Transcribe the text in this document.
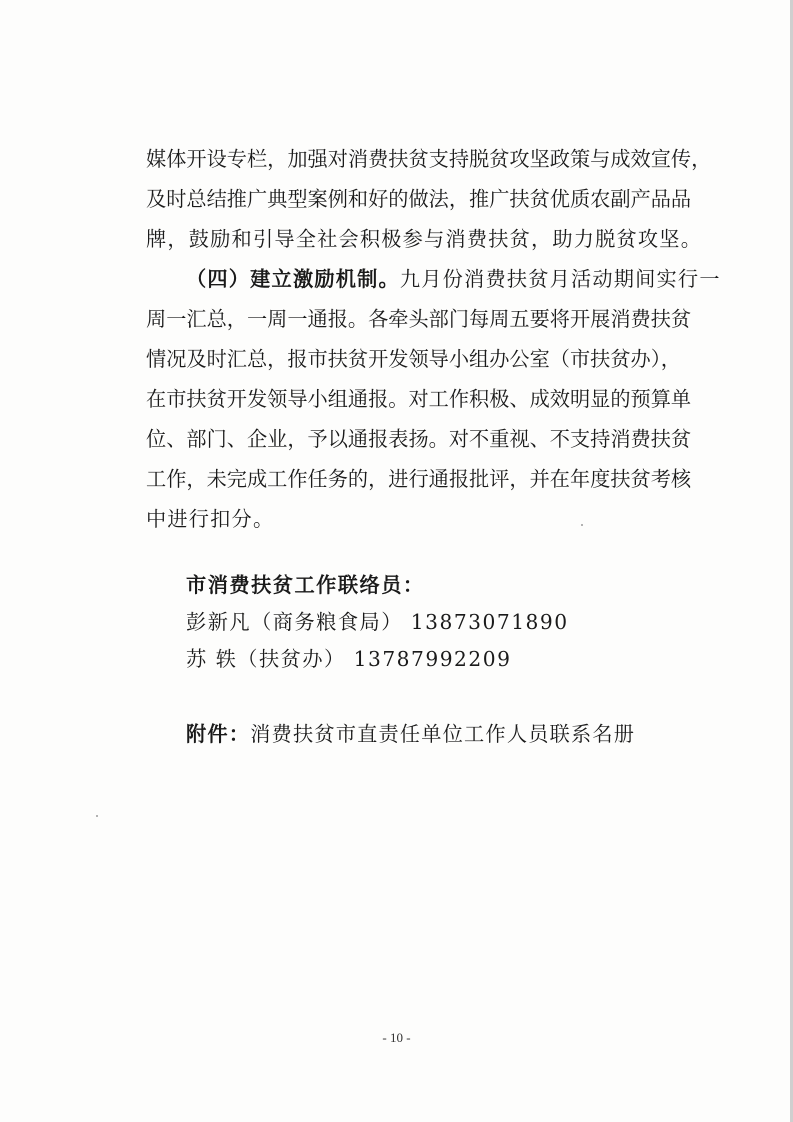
媒体开设专栏，加强对消费扶贫支持脱贫攻坚政策与成效宣传，
及时总结推广典型案例和好的做法，推广扶贫优质农副产品品
牌，鼓励和引导全社会积极参与消费扶贫，助力脱贫攻坚。
（四）建立激励机制。九月份消费扶贫月活动期间实行一
周一汇总，一周一通报。各牵头部门每周五要将开展消费扶贫
情况及时汇总，报市扶贫开发领导小组办公室（市扶贫办），
在市扶贫开发领导小组通报。对工作积极、成效明显的预算单
位、部门、企业，予以通报表扬。对不重视、不支持消费扶贫
工作，未完成工作任务的，进行通报批评，并在年度扶贫考核
中进行扣分。
市消费扶贫工作联络员：
彭新凡（商务粮食局） 13873071890
苏 轶（扶贫办） 13787992209
附件：消费扶贫市直责任单位工作人员联系名册
- 10 -
